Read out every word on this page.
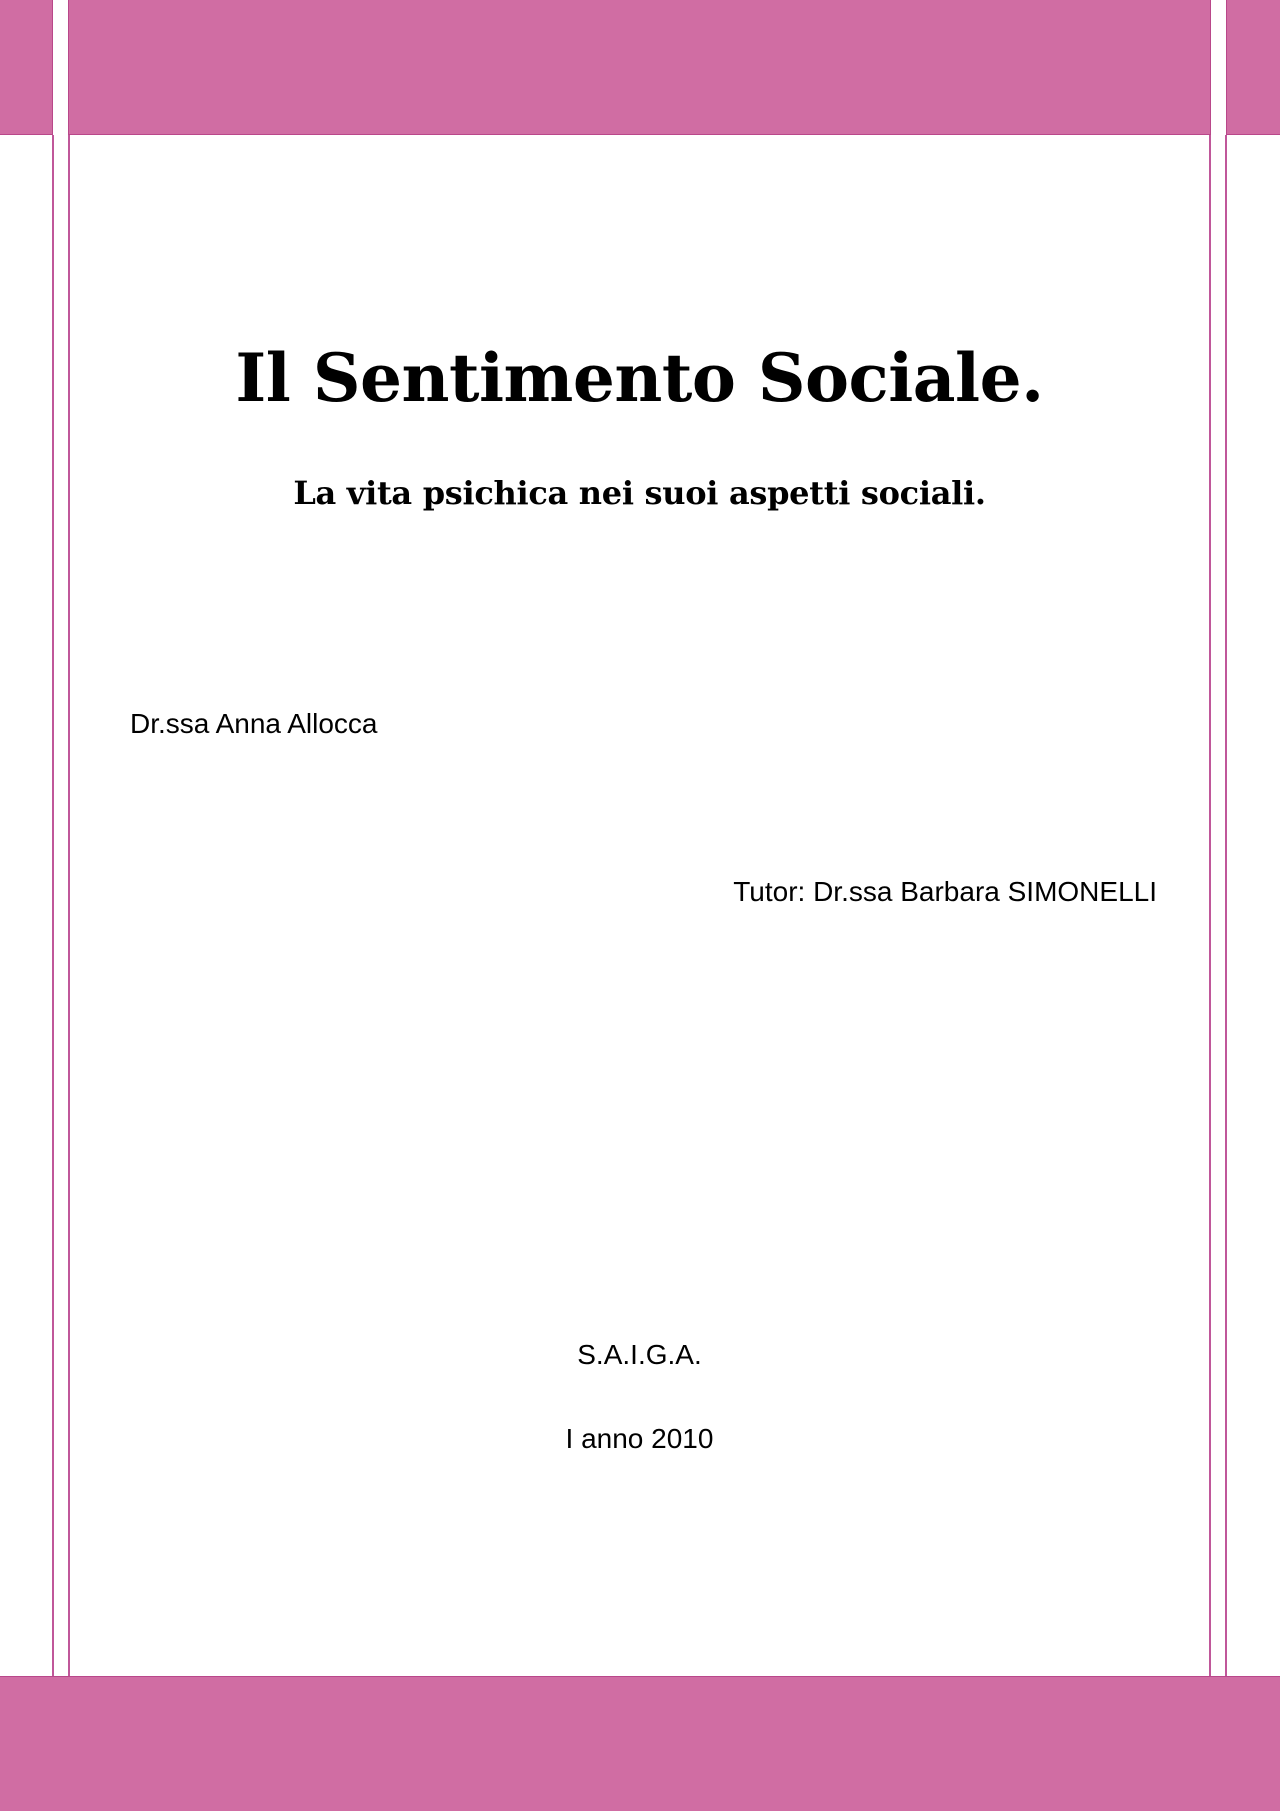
Il Sentimento Sociale.
La vita psichica nei suoi aspetti sociali.
Dr.ssa Anna Allocca
Tutor: Dr.ssa Barbara SIMONELLI
S.A.I.G.A.
I anno 2010
